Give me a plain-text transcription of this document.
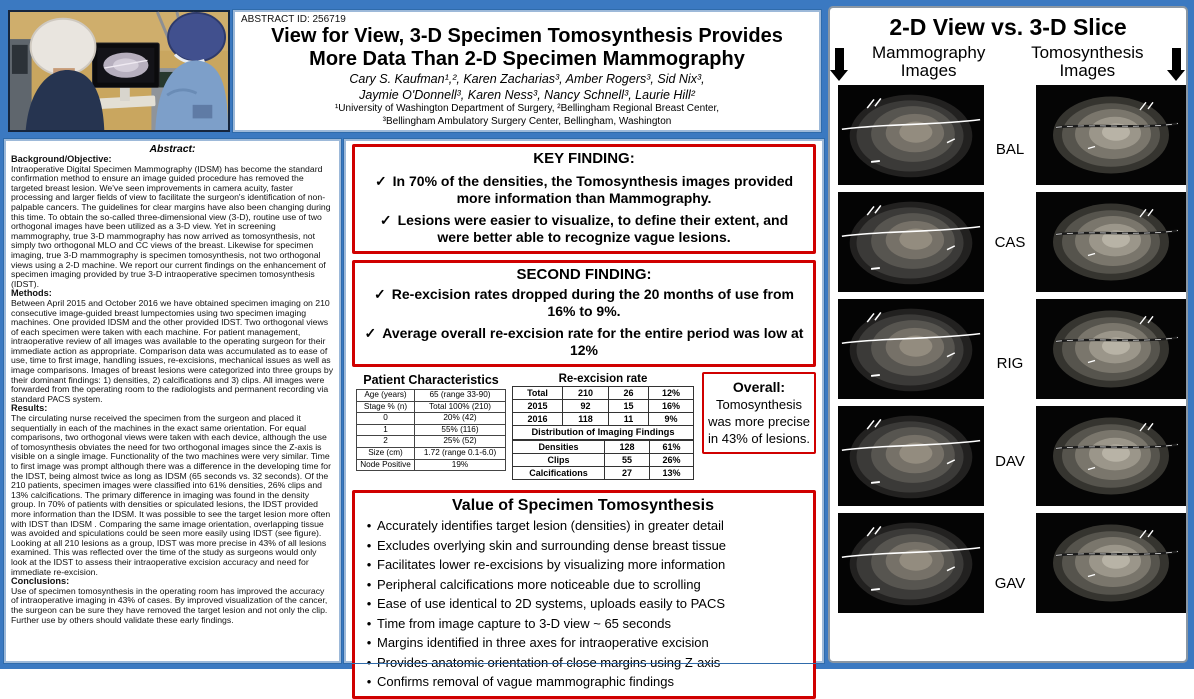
ABSTRACT ID: 256719
View for View, 3-D Specimen Tomosynthesis Provides
More Data Than 2-D Specimen Mammography
Cary S. Kaufman¹,², Karen Zacharias³, Amber Rogers³, Sid Nix³,
Jaymie O'Donnell³, Karen Ness³, Nancy Schnell³, Laurie Hill²
¹University of Washington Department of Surgery, ²Bellingham Regional Breast Center,
³Bellingham Ambulatory Surgery Center, Bellingham, Washington
Abstract:
Background/Objective:
Intraoperative Digital Specimen Mammography (IDSM) has become the standard confirmation method to ensure an image guided procedure has removed the targeted breast lesion. We've seen improvements in camera acuity, faster processing and larger fields of view to facilitate the surgeon's identification of non-palpable cancers. The guidelines for clear margins have also been changing during this time. To obtain the so-called three-dimensional view (3-D), routine use of two orthogonal images have been utilized as a 3-D view. Yet in screening mammography, true 3-D mammography has now arrived as tomosynthesis, not simply two orthogonal MLO and CC views of the breast. Likewise for specimen imaging, true 3-D mammography is specimen tomosynthesis, not two orthogonal views using a 2-D machine. We report our current findings on the enhancement of specimen imaging provided by true 3-D intraoperative specimen tomosynthesis (IDST).
Methods:
Between April 2015 and October 2016 we have obtained specimen imaging on 210 consecutive image-guided breast lumpectomies using two specimen imaging machines. One provided IDSM and the other provided IDST. Two orthogonal views of each specimen were taken with each machine. For patient management, intraoperative review of all images was available to the operating surgeon for their immediate action as appropriate. Comparison data was accumulated as to ease of use, time to first image, handling issues, re-excisions, mechanical issues as well as image comparisons. Images of breast lesions were categorized into three groups by their dominant findings: 1) densities, 2) calcifications and 3) clips. All images were forwarded from the operating room to the radiologists and permanent recording via standard PACS system.
Results:
The circulating nurse received the specimen from the surgeon and placed it sequentially in each of the machines in the exact same orientation. For equal comparisons, two orthogonal views were taken with each device, although the use of tomosynthesis obviates the need for two orthogonal images since the Z-axis is visible on a single image. Functionality of the two machines were very similar. Time to first image was prompt although there was a difference in the developing time for the IDST, being almost twice as long as IDSM (65 seconds vs. 32 seconds). Of the 210 patients, specimen images were classified into 61% densities, 26% clips and 13% calcifications. The primary difference in imaging was found in the density group. In 70% of patients with densities or spiculated lesions, the IDST provided more information than the IDSM. It was possible to see the target lesion more often with IDST than IDSM . Comparing the same image orientation, overlapping tissue was avoided and spiculations could be seen more easily using IDST (see figure). Looking at all 210 lesions as a group, IDST was more precise in 43% of all lesions examined. This was reflected over the time of the study as surgeons would only look at the IDST to assess their intraoperative excision accuracy and need for immediate re-excision.
Conclusions:
Use of specimen tomosynthesis in the operating room has improved the accuracy of intraoperative imaging in 43% of cases. By improved visualization of the cancer, the surgeon can be sure they have removed the target lesion and not only the clip. Further use by others should validate these early findings.
KEY FINDING:
✓ In 70% of the densities, the Tomosynthesis images provided more information than Mammography.
✓ Lesions were easier to visualize, to define their extent, and were better able to recognize vague lesions.
SECOND FINDING:
✓ Re-excision rates dropped during the 20 months of use from 16% to 9%.
✓ Average overall re-excision rate for the entire period was low at 12%
Patient Characteristics
Age (years)	65 (range 33-90)
Stage % (n)	Total 100% (210)
0	20% (42)
1	55% (116)
2	25% (52)
Size (cm)	1.72 (range 0.1-6.0)
Node Positive	19%
Re-excision rate
Total	210	26	12%
2015	92	15	16%
2016	118	11	9%
Distribution of Imaging Findings
Densities	128	61%
Clips	55	26%
Calcifications	27	13%
Overall:
Tomosynthesis was more precise in 43% of lesions.
Value of Specimen Tomosynthesis
• Accurately identifies target lesion (densities) in greater detail
• Excludes overlying skin and surrounding dense breast tissue
• Facilitates lower re-excisions by visualizing more information
• Peripheral calcifications more noticeable due to scrolling
• Ease of use identical to 2D systems, uploads easily to PACS
• Time from image capture to 3-D view ~ 65 seconds
• Margins identified in three axes for intraoperative excision
• Provides anatomic orientation of close margins using Z-axis
• Confirms removal of vague mammographic findings
2-D View vs. 3-D Slice
Mammography
Images
Tomosynthesis
Images
BAL
CAS
RIG
DAV
GAV
